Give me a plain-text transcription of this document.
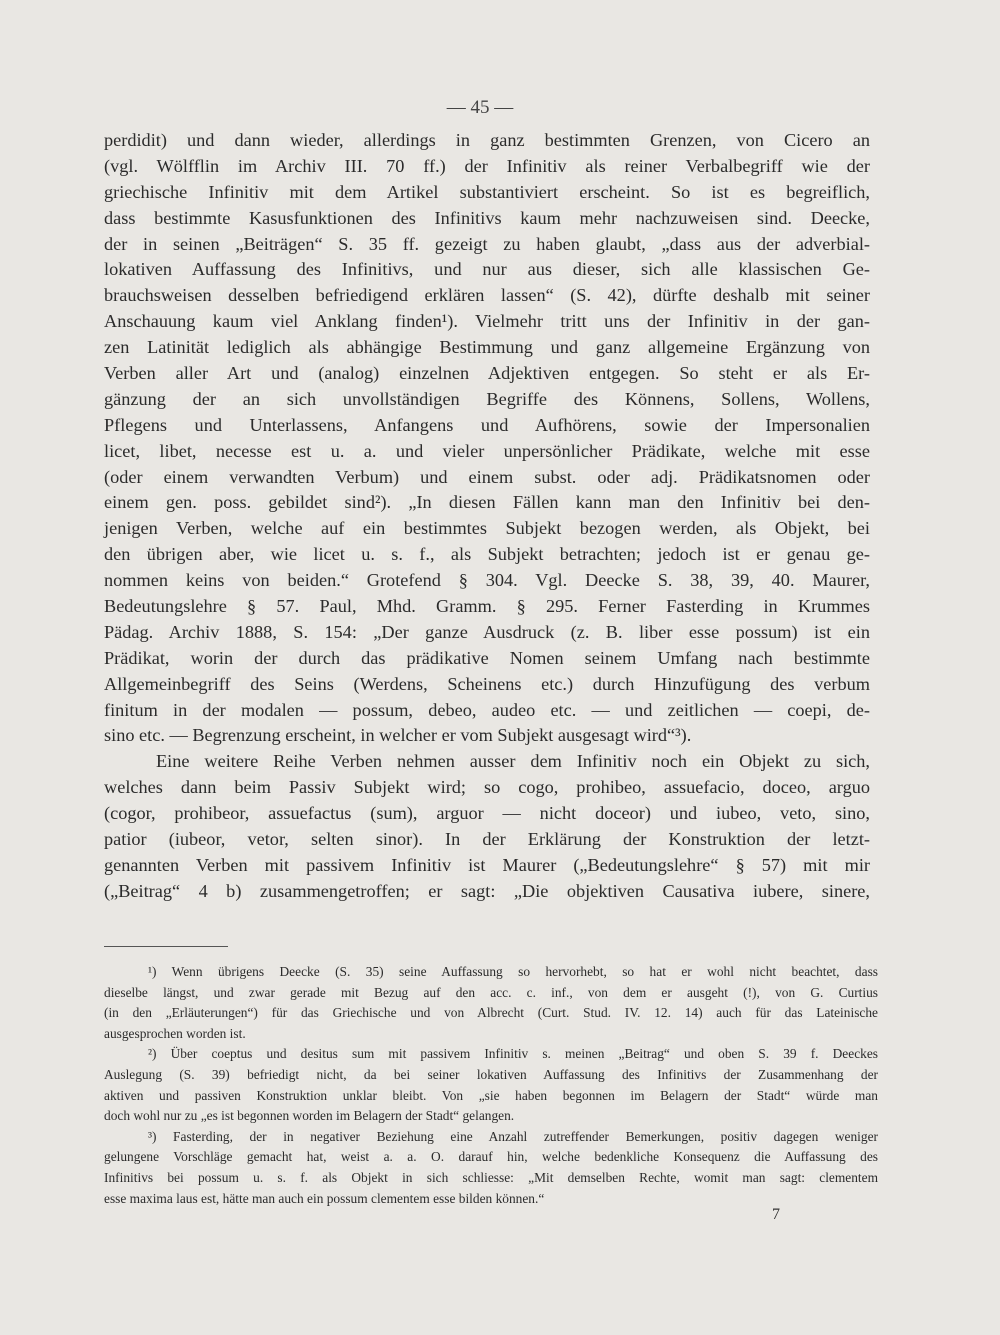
— 45 —
perdidit) und dann wieder, allerdings in ganz bestimmten Grenzen, von Cicero an
(vgl. Wölfflin im Archiv III. 70 ff.) der Infinitiv als reiner Verbalbegriff wie der
griechische Infinitiv mit dem Artikel substantiviert erscheint. So ist es begreiflich,
dass bestimmte Kasusfunktionen des Infinitivs kaum mehr nachzuweisen sind. Deecke,
der in seinen „Beiträgen“ S. 35 ff. gezeigt zu haben glaubt, „dass aus der adverbial-
lokativen Auffassung des Infinitivs, und nur aus dieser, sich alle klassischen Ge-
brauchsweisen desselben befriedigend erklären lassen“ (S. 42), dürfte deshalb mit seiner
Anschauung kaum viel Anklang finden¹). Vielmehr tritt uns der Infinitiv in der gan-
zen Latinität lediglich als abhängige Bestimmung und ganz allgemeine Ergänzung von
Verben aller Art und (analog) einzelnen Adjektiven entgegen. So steht er als Er-
gänzung der an sich unvollständigen Begriffe des Könnens, Sollens, Wollens,
Pflegens und Unterlassens, Anfangens und Aufhörens, sowie der Impersonalien
licet, libet, necesse est u. a. und vieler unpersönlicher Prädikate, welche mit esse
(oder einem verwandten Verbum) und einem subst. oder adj. Prädikatsnomen oder
einem gen. poss. gebildet sind²). „In diesen Fällen kann man den Infinitiv bei den-
jenigen Verben, welche auf ein bestimmtes Subjekt bezogen werden, als Objekt, bei
den übrigen aber, wie licet u. s. f., als Subjekt betrachten; jedoch ist er genau ge-
nommen keins von beiden.“ Grotefend § 304. Vgl. Deecke S. 38, 39, 40. Maurer,
Bedeutungslehre § 57. Paul, Mhd. Gramm. § 295. Ferner Fasterding in Krummes
Pädag. Archiv 1888, S. 154: „Der ganze Ausdruck (z. B. liber esse possum) ist ein
Prädikat, worin der durch das prädikative Nomen seinem Umfang nach bestimmte
Allgemeinbegriff des Seins (Werdens, Scheinens etc.) durch Hinzufügung des verbum
finitum in der modalen — possum, debeo, audeo etc. — und zeitlichen — coepi, de-
sino etc. — Begrenzung erscheint, in welcher er vom Subjekt ausgesagt wird“³).
Eine weitere Reihe Verben nehmen ausser dem Infinitiv noch ein Objekt zu sich,
welches dann beim Passiv Subjekt wird; so cogo, prohibeo, assuefacio, doceo, arguo
(cogor, prohibeor, assuefactus (sum), arguor — nicht doceor) und iubeo, veto, sino,
patior (iubeor, vetor, selten sinor). In der Erklärung der Konstruktion der letzt-
genannten Verben mit passivem Infinitiv ist Maurer („Bedeutungslehre“ § 57) mit mir
(„Beitrag“ 4 b) zusammengetroffen; er sagt: „Die objektiven Causativa iubere, sinere,
¹) Wenn übrigens Deecke (S. 35) seine Auffassung so hervorhebt, so hat er wohl nicht beachtet, dass
dieselbe längst, und zwar gerade mit Bezug auf den acc. c. inf., von dem er ausgeht (!), von G. Curtius
(in den „Erläuterungen“) für das Griechische und von Albrecht (Curt. Stud. IV. 12. 14) auch für das Lateinische
ausgesprochen worden ist.
²) Über coeptus und desitus sum mit passivem Infinitiv s. meinen „Beitrag“ und oben S. 39 f. Deeckes
Auslegung (S. 39) befriedigt nicht, da bei seiner lokativen Auffassung des Infinitivs der Zusammenhang der
aktiven und passiven Konstruktion unklar bleibt. Von „sie haben begonnen im Belagern der Stadt“ würde man
doch wohl nur zu „es ist begonnen worden im Belagern der Stadt“ gelangen.
³) Fasterding, der in negativer Beziehung eine Anzahl zutreffender Bemerkungen, positiv dagegen weniger
gelungene Vorschläge gemacht hat, weist a. a. O. darauf hin, welche bedenkliche Konsequenz die Auffassung des
Infinitivs bei possum u. s. f. als Objekt in sich schliesse: „Mit demselben Rechte, womit man sagt: clementem
esse maxima laus est, hätte man auch ein possum clementem esse bilden können.“
7
